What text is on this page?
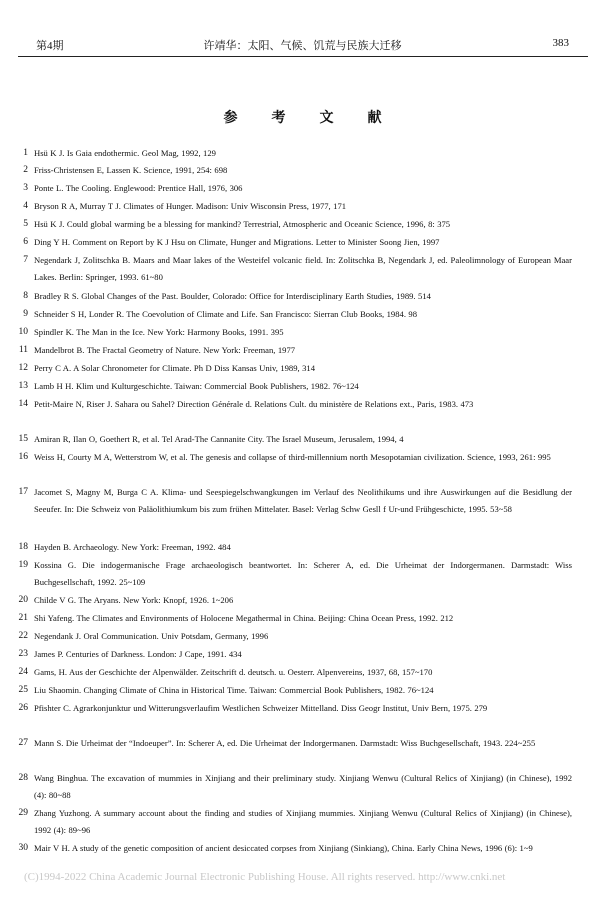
第4期	许靖华：太阳、气候、饥荒与民族大迁移	383
参考文献
1 Hsü K J. Is Gaia endothermic. Geol Mag, 1992, 129
2 Friss-Christensen E, Lassen K. Science, 1991, 254: 698
3 Ponte L. The Cooling. Englewood: Prentice Hall, 1976, 306
4 Bryson R A, Murray T J. Climates of Hunger. Madison: Univ Wisconsin Press, 1977, 171
5 Hsü K J. Could global warming be a blessing for mankind? Terrestrial, Atmospheric and Oceanic Science, 1996, 8: 375
6 Ding Y H. Comment on Report by K J Hsu on Climate, Hunger and Migrations. Letter to Minister Soong Jien, 1997
7 Negendark J, Zolitschka B. Maars and Maar lakes of the Westeifel volcanic field. In: Zolitschka B, Negendark J, ed. Paleolimnology of European Maar Lakes. Berlin: Springer, 1993. 61~80
8 Bradley R S. Global Changes of the Past. Boulder, Colorado: Office for Interdisciplinary Earth Studies, 1989. 514
9 Schneider S H, Londer R. The Coevolution of Climate and Life. San Francisco: Sierran Club Books, 1984. 98
10 Spindler K. The Man in the Ice. New York: Harmony Books, 1991. 395
11 Mandelbrot B. The Fractal Geometry of Nature. New York: Freeman, 1977
12 Perry C A. A Solar Chronometer for Climate. Ph D Diss Kansas Univ, 1989, 314
13 Lamb H H. Klim und Kulturgeschichte. Taiwan: Commercial Book Publishers, 1982. 76~124
14 Petit-Maire N, Riser J. Sahara ou Sahel? Direction Générale d. Relations Cult. du ministère de Relations ext., Paris, 1983. 473
15 Amiran R, Ilan O, Goethert R, et al. Tel Arad-The Cannanite City. The Israel Museum, Jerusalem, 1994, 4
16 Weiss H, Courty M A, Wetterstrom W, et al. The genesis and collapse of third-millennium north Mesopotamian civilization. Science, 1993, 261: 995
17 Jacomet S, Magny M, Burga C A. Klima- und Seespiegelschwangkungen im Verlauf des Neolithikums und ihre Auswirkungen auf die Besidlung der Seeufer. In: Die Schweiz von Paläolithiumkum bis zum frühen Mittelater. Basel: Verlag Schw Gesll f Ur-und Frühgeschicte, 1995. 53~58
18 Hayden B. Archaeology. New York: Freeman, 1992. 484
19 Kossina G. Die indogermanische Frage archaeologisch beantwortet. In: Scherer A, ed. Die Urheimat der Indorgermanen. Darmstadt: Wiss Buchgesellschaft, 1992. 25~109
20 Childe V G. The Aryans. New York: Knopf, 1926. 1~206
21 Shi Yafeng. The Climates and Environments of Holocene Megathermal in China. Beijing: China Ocean Press, 1992. 212
22 Negendank J. Oral Communication. Univ Potsdam, Germany, 1996
23 James P. Centuries of Darkness. London: J Cape, 1991. 434
24 Gams, H. Aus der Geschichte der Alpenwälder. Zeitschrift d. deutsch. u. Oesterr. Alpenvereins, 1937, 68, 157~170
25 Liu Shaomin. Changing Climate of China in Historical Time. Taiwan: Commercial Book Publishers, 1982. 76~124
26 Pfishter C. Agrarkonjunktur und Witterungsverlaufim Westlichen Schweizer Mittelland. Diss Geogr Institut, Univ Bern, 1975. 279
27 Mann S. Die Urheimat der “Indoeuper”. In: Scherer A, ed. Die Urheimat der Indorgermanen. Darmstadt: Wiss Buchgesellschaft, 1943. 224~255
28 Wang Binghua. The excavation of mummies in Xinjiang and their preliminary study. Xinjiang Wenwu (Cultural Relics of Xinjiang) (in Chinese), 1992 (4): 80~88
29 Zhang Yuzhong. A summary account about the finding and studies of Xinjiang mummies. Xinjiang Wenwu (Cultural Relics of Xinjiang) (in Chinese), 1992 (4): 89~96
30 Mair V H. A study of the genetic composition of ancient desiccated corpses from Xinjiang (Sinkiang), China. Early China News, 1996 (6): 1~9
(C)1994-2022 China Academic Journal Electronic Publishing House. All rights reserved. http://www.cnki.net
